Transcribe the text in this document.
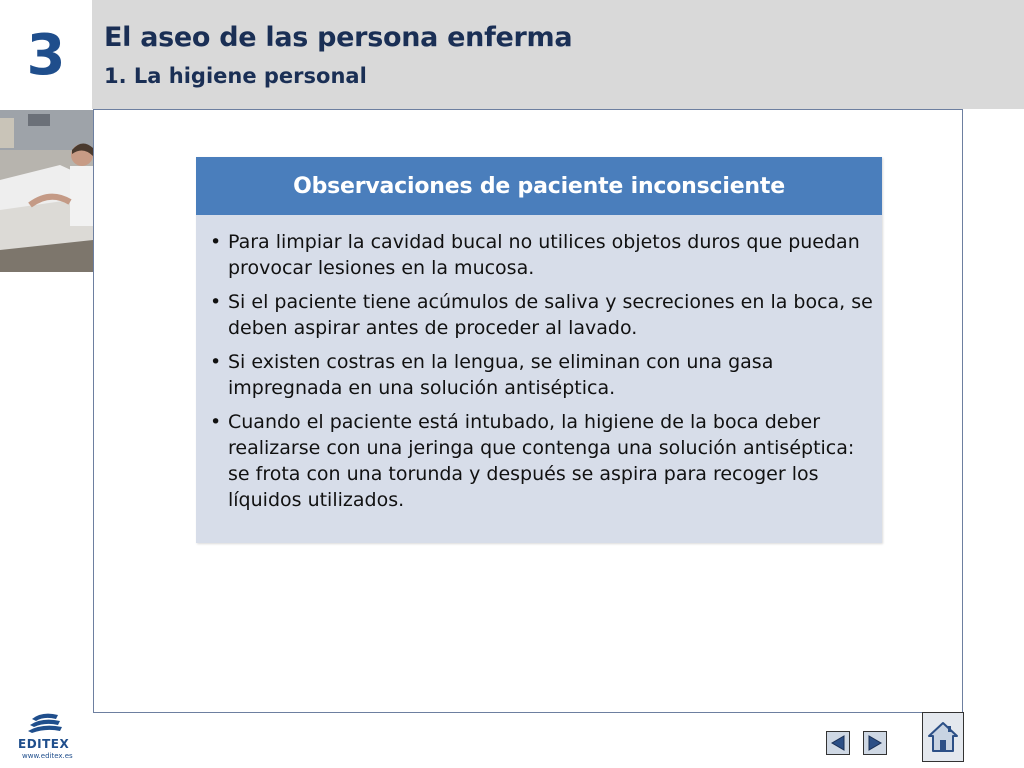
3	El aseo de las persona enferma
1. La higiene personal
Observaciones de paciente inconsciente
• Para limpiar la cavidad bucal no utilices objetos duros que puedan provocar lesiones en la mucosa.
• Si el paciente tiene acúmulos de saliva y secreciones en la boca, se deben aspirar antes de proceder al lavado.
• Si existen costras en la lengua, se eliminan con una gasa impregnada en una solución antiséptica.
• Cuando el paciente está intubado, la higiene de la boca deber realizarse con una jeringa que contenga una solución antiséptica: se frota con una torunda y después se aspira para recoger los líquidos utilizados.
EDITEX
www.editex.es
